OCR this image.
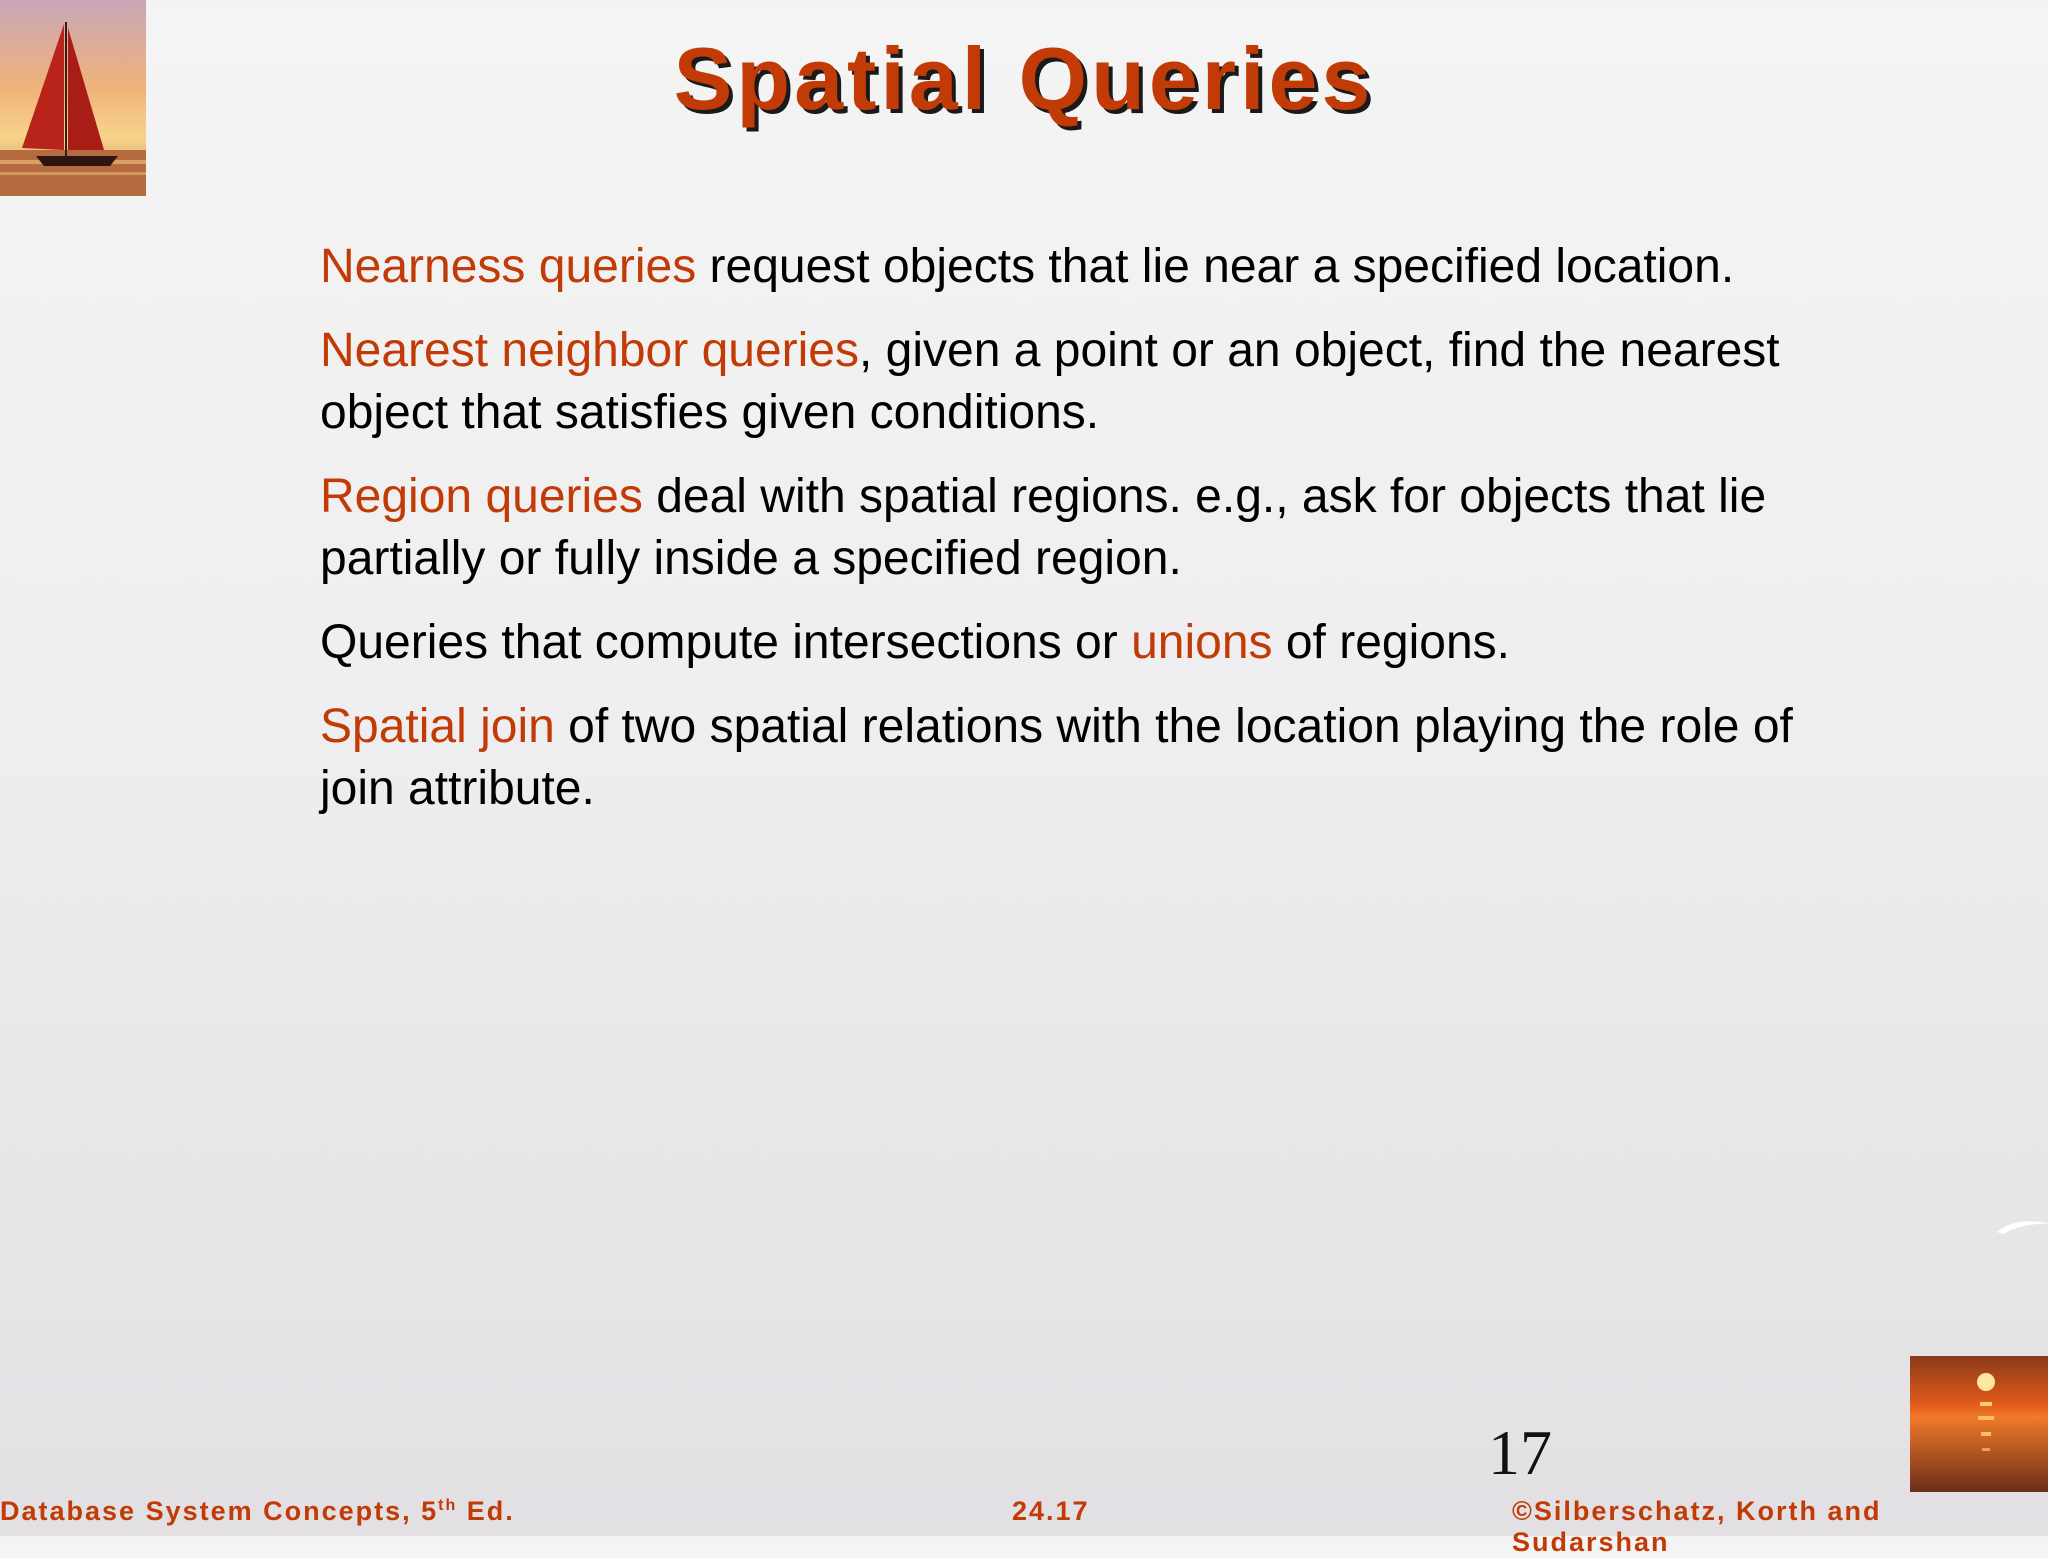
Spatial Queries

Nearness queries request objects that lie near a specified location.

Nearest neighbor queries, given a point or an object, find the nearest object that satisfies given conditions.

Region queries deal with spatial regions. e.g., ask for objects that lie partially or fully inside a specified region.

Queries that compute intersections or unions of regions.

Spatial join of two spatial relations with the location playing the role of join attribute.

17
Database System Concepts, 5th Ed.	24.17	©Silberschatz, Korth and Sudarshan
